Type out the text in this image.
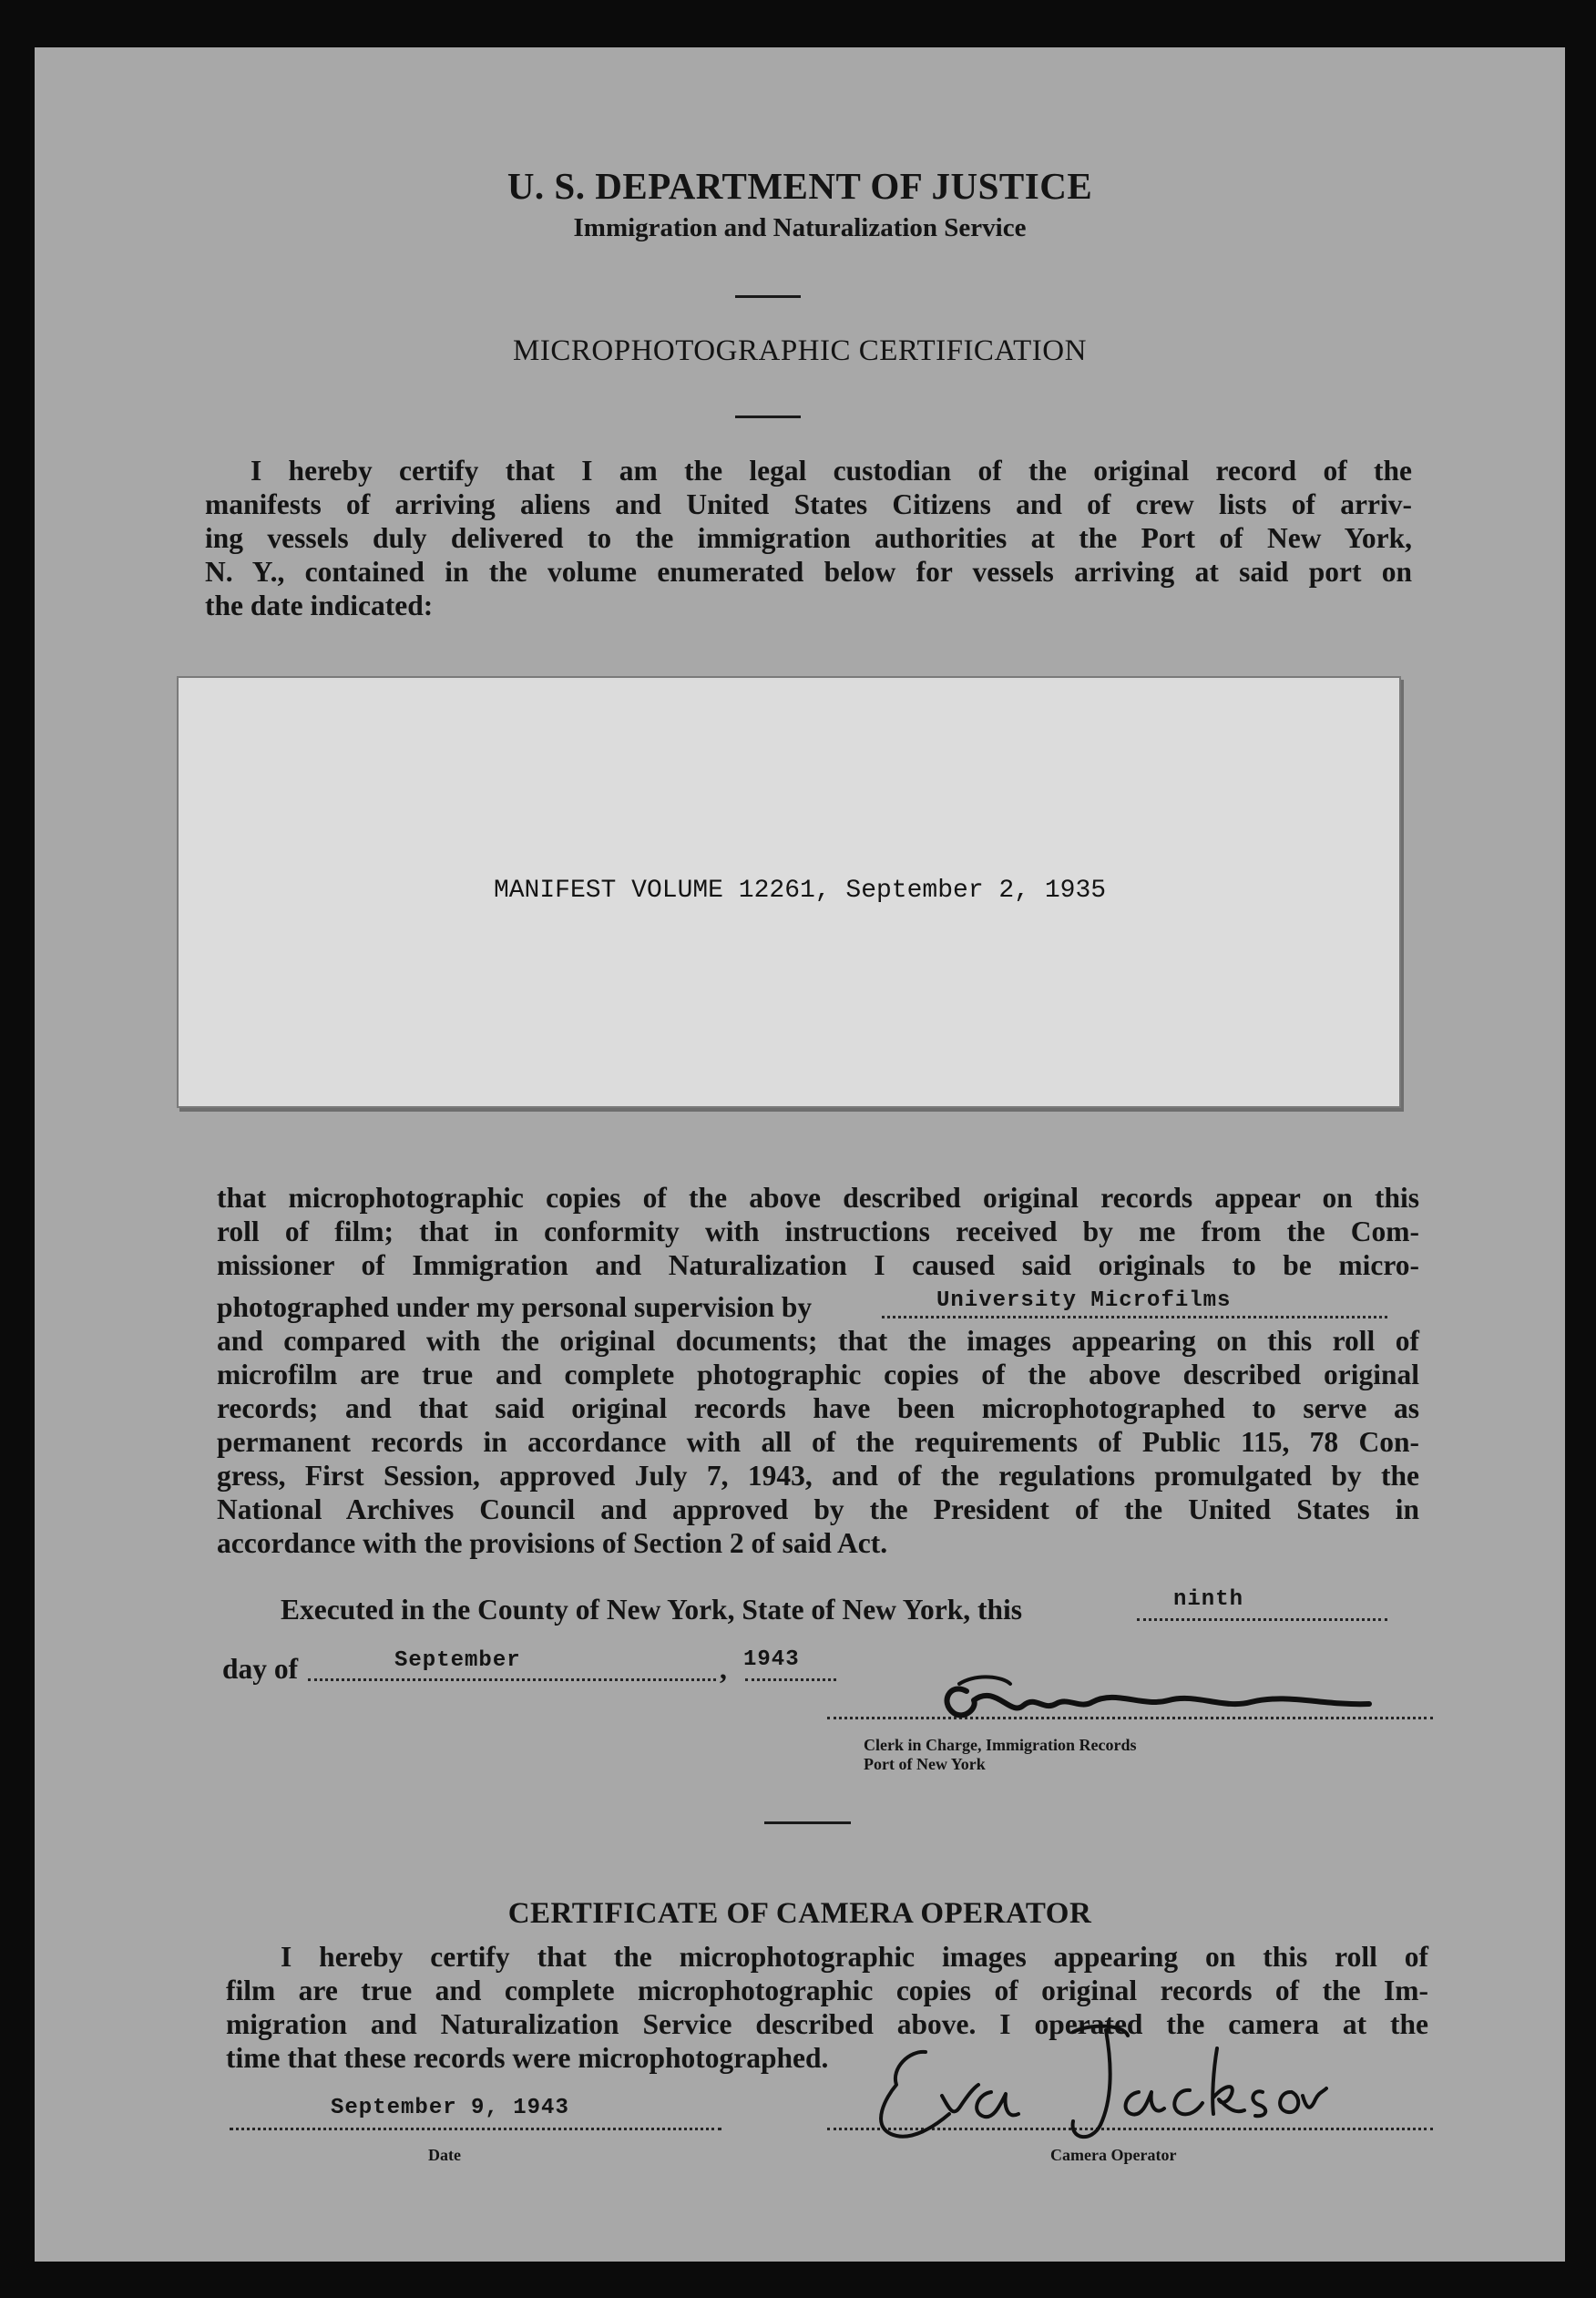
U. S. DEPARTMENT OF JUSTICE
Immigration and Naturalization Service
MICROPHOTOGRAPHIC CERTIFICATION
I hereby certify that I am the legal custodian of the original record of the
manifests of arriving aliens and United States Citizens and of crew lists of arriv-
ing vessels duly delivered to the immigration authorities at the Port of New York,
N. Y., contained in the volume enumerated below for vessels arriving at said port on
the date indicated:
MANIFEST VOLUME 12261, September 2, 1935
that microphotographic copies of the above described original records appear on this
roll of film; that in conformity with instructions received by me from the Com-
missioner of Immigration and Naturalization I caused said originals to be micro-
photographed under my personal supervision by	University Microfilms
and compared with the original documents; that the images appearing on this roll of
microfilm are true and complete photographic copies of the above described original
records; and that said original records have been microphotographed to serve as
permanent records in accordance with all of the requirements of Public 115, 78 Con-
gress, First Session, approved July 7, 1943, and of the regulations promulgated by the
National Archives Council and approved by the President of the United States in
accordance with the provisions of Section 2 of said Act.
Executed in the County of New York, State of New York, this	ninth
day of	September	, 1943
Clerk in Charge, Immigration Records
Port of New York
CERTIFICATE OF CAMERA OPERATOR
I hereby certify that the microphotographic images appearing on this roll of
film are true and complete microphotographic copies of original records of the Im-
migration and Naturalization Service described above. I operated the camera at the
time that these records were microphotographed.
September 9, 1943
Date	Camera Operator
